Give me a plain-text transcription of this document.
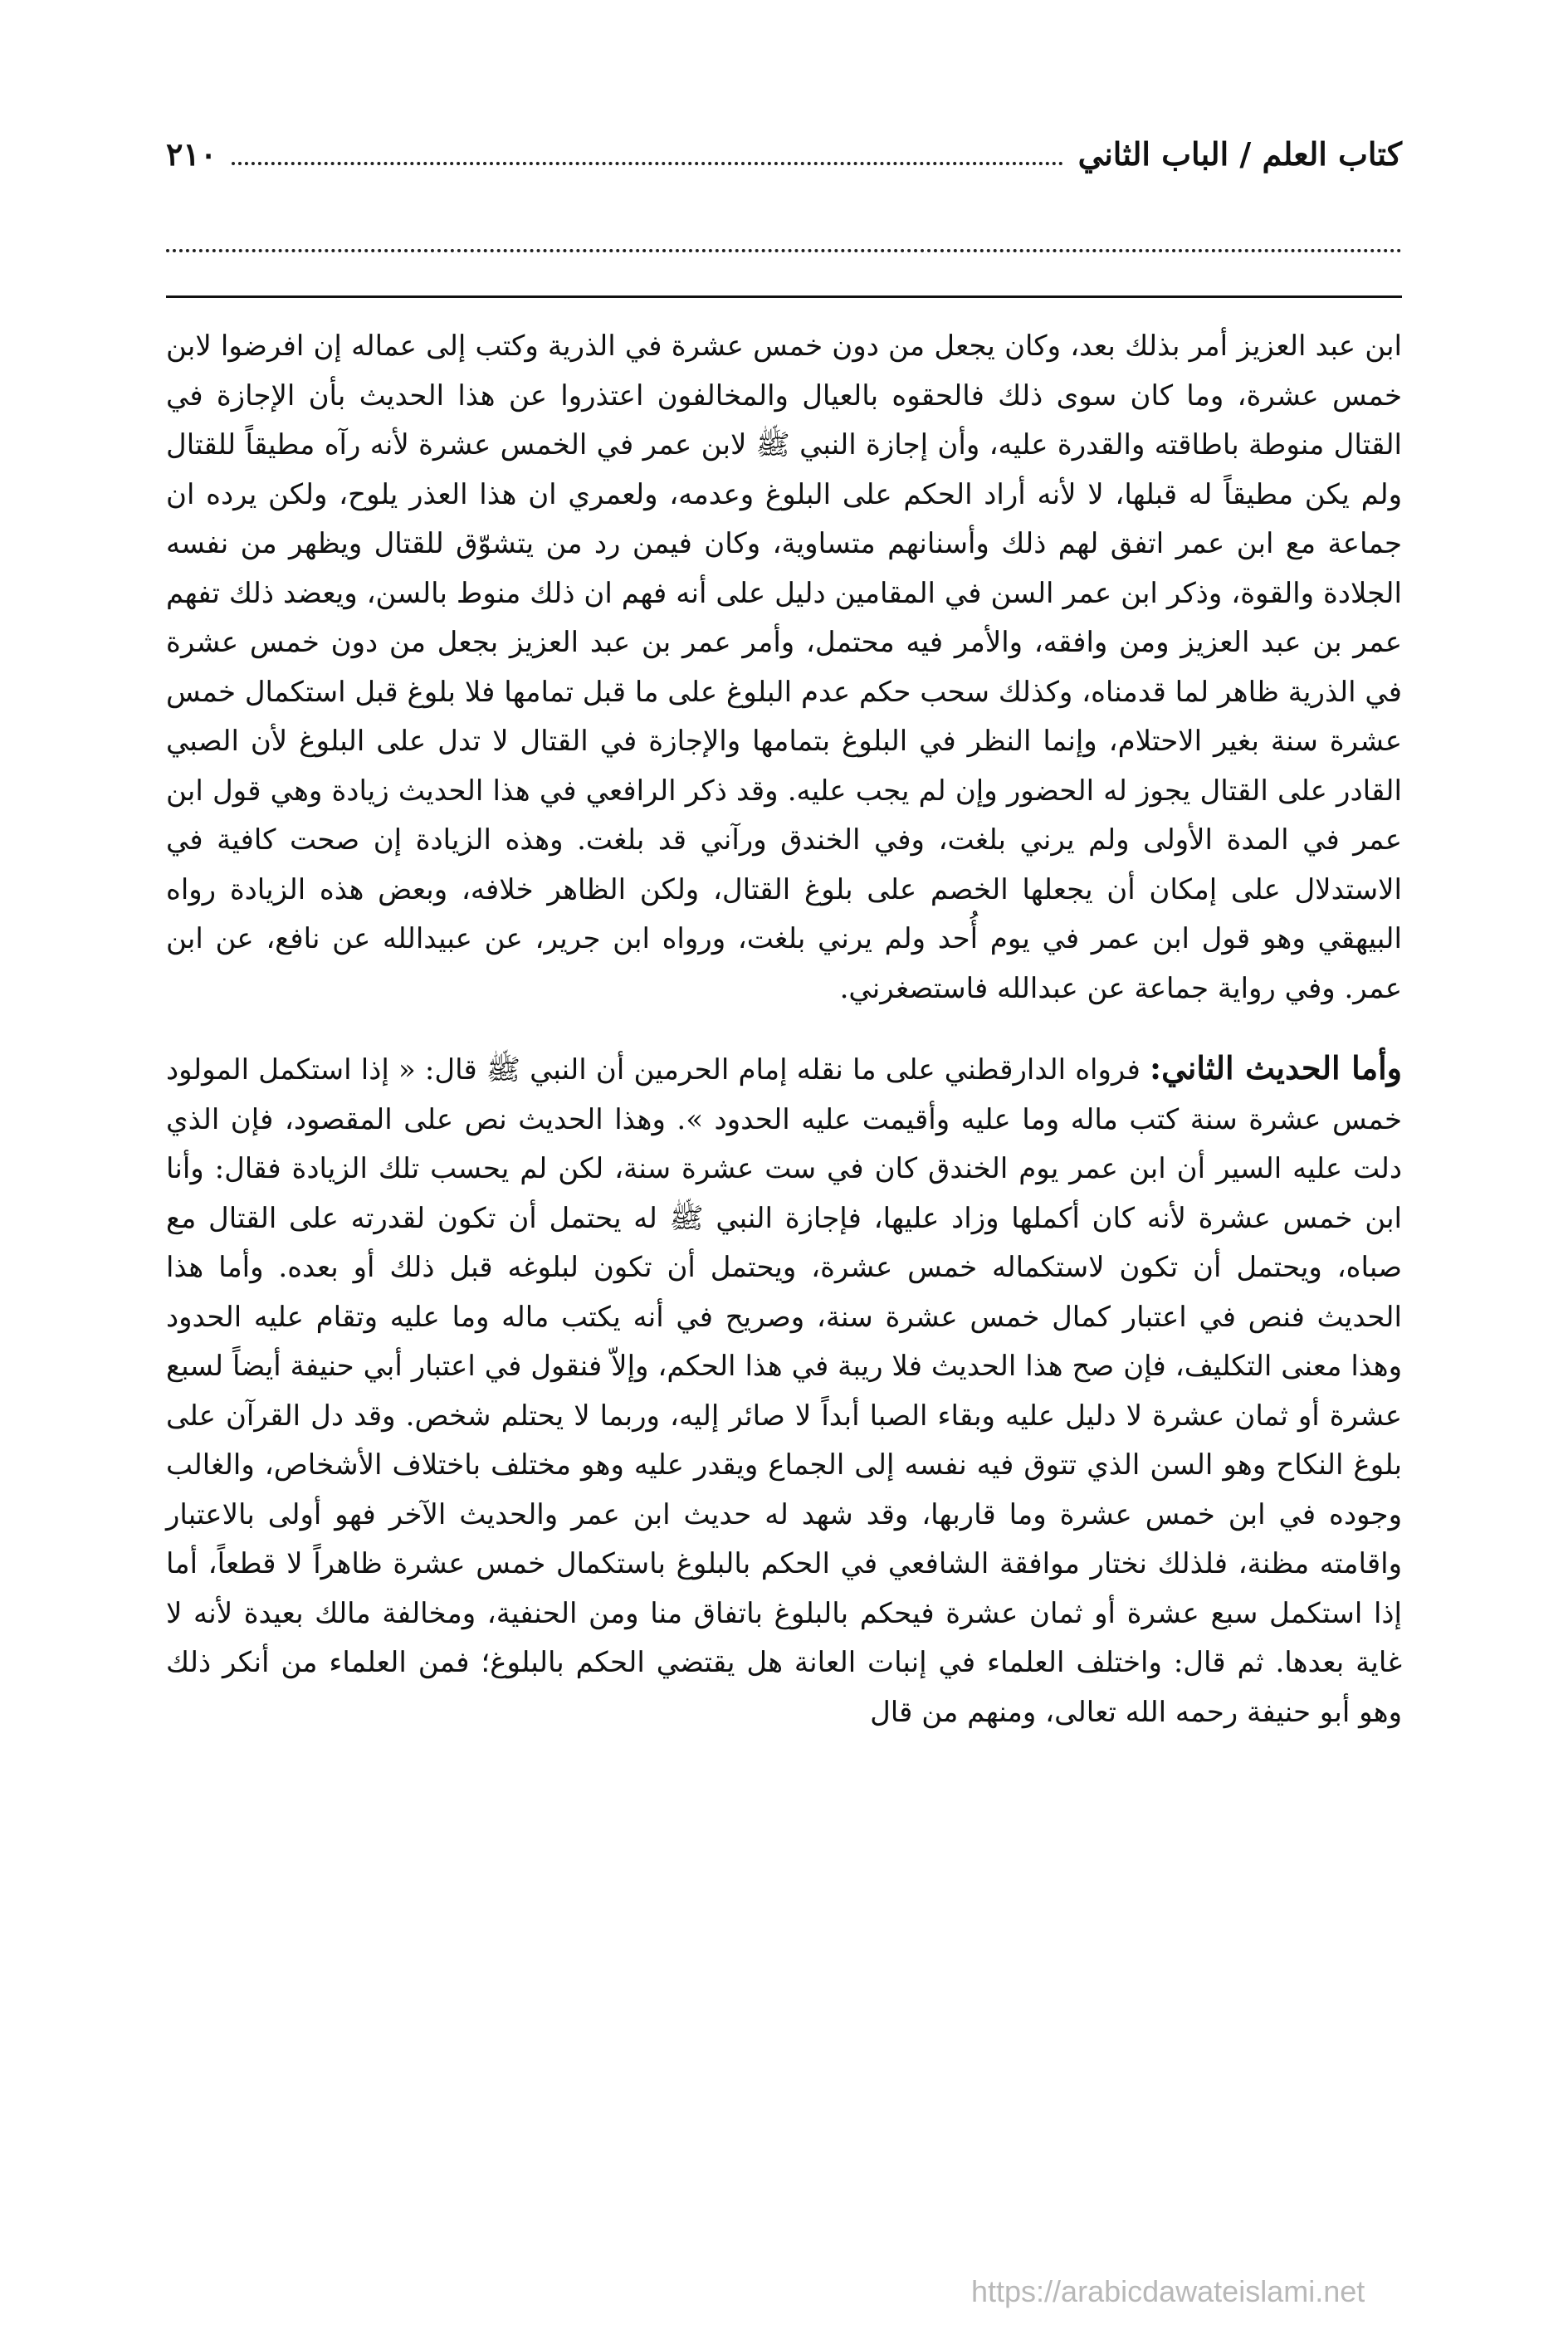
كتاب العلم / الباب الثاني
٢١٠

ابن عبد العزيز أمر بذلك بعد، وكان يجعل من دون خمس عشرة في الذرية وكتب إلى عماله إن افرضوا لابن خمس عشرة، وما كان سوى ذلك فالحقوه بالعيال والمخالفون اعتذروا عن هذا الحديث بأن الإجازة في القتال منوطة باطاقته والقدرة عليه، وأن إجازة النبي ﷺ لابن عمر في الخمس عشرة لأنه رآه مطيقاً للقتال ولم يكن مطيقاً له قبلها، لا لأنه أراد الحكم على البلوغ وعدمه، ولعمري ان هذا العذر يلوح، ولكن يرده ان جماعة مع ابن عمر اتفق لهم ذلك وأسنانهم متساوية، وكان فيمن رد من يتشوّق للقتال ويظهر من نفسه الجلادة والقوة، وذكر ابن عمر السن في المقامين دليل على أنه فهم ان ذلك منوط بالسن، ويعضد ذلك تفهم عمر بن عبد العزيز ومن وافقه، والأمر فيه محتمل، وأمر عمر بن عبد العزيز بجعل من دون خمس عشرة في الذرية ظاهر لما قدمناه، وكذلك سحب حكم عدم البلوغ على ما قبل تمامها فلا بلوغ قبل استكمال خمس عشرة سنة بغير الاحتلام، وإنما النظر في البلوغ بتمامها والإجازة في القتال لا تدل على البلوغ لأن الصبي القادر على القتال يجوز له الحضور وإن لم يجب عليه. وقد ذكر الرافعي في هذا الحديث زيادة وهي قول ابن عمر في المدة الأولى ولم يرني بلغت، وفي الخندق ورآني قد بلغت. وهذه الزيادة إن صحت كافية في الاستدلال على إمكان أن يجعلها الخصم على بلوغ القتال، ولكن الظاهر خلافه، وبعض هذه الزيادة رواه البيهقي وهو قول ابن عمر في يوم أُحد ولم يرني بلغت، ورواه ابن جرير، عن عبيدالله عن نافع، عن ابن عمر. وفي رواية جماعة عن عبدالله فاستصغرني.

وأما الحديث الثاني: فرواه الدارقطني على ما نقله إمام الحرمين أن النبي ﷺ قال: « إذا استكمل المولود خمس عشرة سنة كتب ماله وما عليه وأقيمت عليه الحدود ». وهذا الحديث نص على المقصود، فإن الذي دلت عليه السير أن ابن عمر يوم الخندق كان في ست عشرة سنة، لكن لم يحسب تلك الزيادة فقال: وأنا ابن خمس عشرة لأنه كان أكملها وزاد عليها، فإجازة النبي ﷺ له يحتمل أن تكون لقدرته على القتال مع صباه، ويحتمل أن تكون لاستكماله خمس عشرة، ويحتمل أن تكون لبلوغه قبل ذلك أو بعده. وأما هذا الحديث فنص في اعتبار كمال خمس عشرة سنة، وصريح في أنه يكتب ماله وما عليه وتقام عليه الحدود وهذا معنى التكليف، فإن صح هذا الحديث فلا ريبة في هذا الحكم، وإلاّ فنقول في اعتبار أبي حنيفة أيضاً لسبع عشرة أو ثمان عشرة لا دليل عليه وبقاء الصبا أبداً لا صائر إليه، وربما لا يحتلم شخص. وقد دل القرآن على بلوغ النكاح وهو السن الذي تتوق فيه نفسه إلى الجماع ويقدر عليه وهو مختلف باختلاف الأشخاص، والغالب وجوده في ابن خمس عشرة وما قاربها، وقد شهد له حديث ابن عمر والحديث الآخر فهو أولى بالاعتبار واقامته مظنة، فلذلك نختار موافقة الشافعي في الحكم بالبلوغ باستكمال خمس عشرة ظاهراً لا قطعاً، أما إذا استكمل سبع عشرة أو ثمان عشرة فيحكم بالبلوغ باتفاق منا ومن الحنفية، ومخالفة مالك بعيدة لأنه لا غاية بعدها. ثم قال: واختلف العلماء في إنبات العانة هل يقتضي الحكم بالبلوغ؛ فمن العلماء من أنكر ذلك وهو أبو حنيفة رحمه الله تعالى، ومنهم من قال

https://arabicdawateislami.net
